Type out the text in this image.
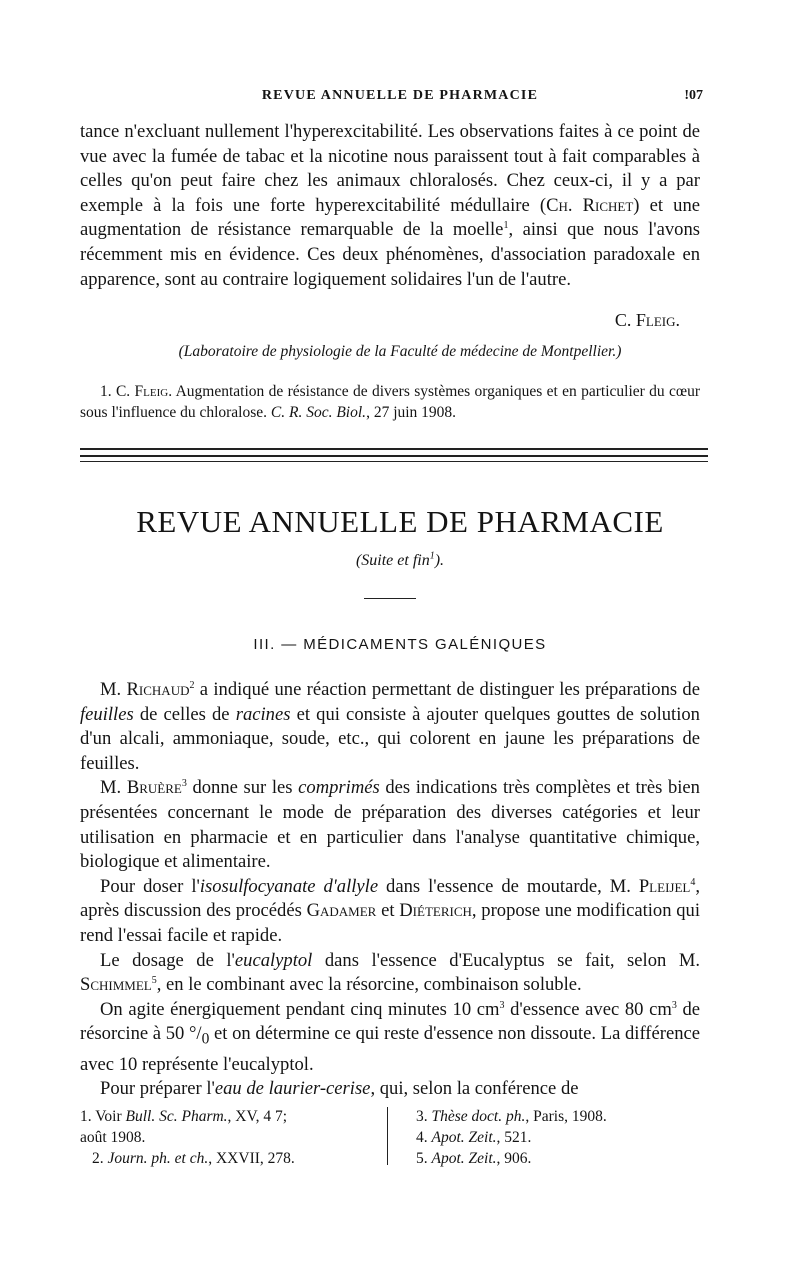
REVUE ANNUELLE DE PHARMACIE	!07

tance n'excluant nullement l'hyperexcitabilité. Les observations faites à ce point de vue avec la fumée de tabac et la nicotine nous paraissent tout à fait comparables à celles qu'on peut faire chez les animaux chloralosés. Chez ceux-ci, il y a par exemple à la fois une forte hyperexcitabilité médullaire (Ch. Richet) et une augmentation de résistance remarquable de la moelle$^1$, ainsi que nous l'avons récemment mis en évidence. Ces deux phénomènes, d'association paradoxale en apparence, sont au contraire logiquement solidaires l'un de l'autre.

C. Fleig.
(Laboratoire de physiologie de la Faculté de médecine de Montpellier.)

1. C. Fleig. Augmentation de résistance de divers systèmes organiques et en particulier du cœur sous l'influence du chloralose. C. R. Soc. Biol., 27 juin 1908.

REVUE ANNUELLE DE PHARMACIE
(Suite et fin$^1$).
III. — MÉDICAMENTS GALÉNIQUES

M. Richaud$^2$ a indiqué une réaction permettant de distinguer les préparations de feuilles de celles de racines et qui consiste à ajouter quelques gouttes de solution d'un alcali, ammoniaque, soude, etc., qui colorent en jaune les préparations de feuilles.

M. Bruère$^3$ donne sur les comprimés des indications très complètes et très bien présentées concernant le mode de préparation des diverses catégories et leur utilisation en pharmacie et en particulier dans l'analyse quantitative chimique, biologique et alimentaire.

Pour doser l'isosulfocyanate d'allyle dans l'essence de moutarde, M. Pleijel$^4$, après discussion des procédés Gadamer et Diéterich, propose une modification qui rend l'essai facile et rapide.

Le dosage de l'eucalyptol dans l'essence d'Eucalyptus se fait, selon M. Schimmel$^5$, en le combinant avec la résorcine, combinaison soluble.

On agite énergiquement pendant cinq minutes 10 $cm^3$ d'essence avec 80 $cm^3$ de résorcine à 50 $^\circ/_0$ et on détermine ce qui reste d'essence non dissoute. La différence avec 10 représente l'eucalyptol.

Pour préparer l'eau de laurier-cerise, qui, selon la conférence de

1. Voir Bull. Sc. Pharm., XV, 4 7;

août 1908.

2. Journ. ph. et ch., XXVII, 278.

3. Thèse doct. ph., Paris, 1908.

4. Apot. Zeit., 521.

5. Apot. Zeit., 906.
